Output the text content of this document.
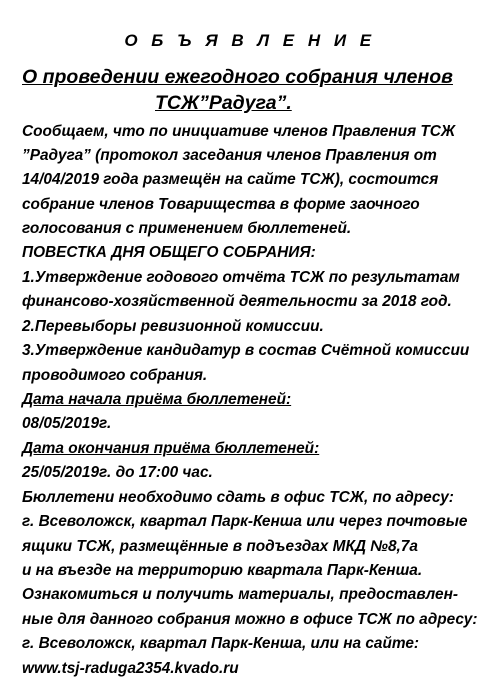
О Б Ъ Я В Л Е Н И Е
О проведении ежегодного собрания членов
ТСЖ”Радуга”.
Сообщаем, что по инициативе членов Правления ТСЖ
”Радуга” (протокол заседания членов Правления от
14/04/2019 года размещён на сайте ТСЖ), состоится
собрание членов Товарищества в форме заочного
голосования с применением бюллетеней.
ПОВЕСТКА ДНЯ ОБЩЕГО СОБРАНИЯ:
1.Утверждение годового отчёта ТСЖ по результатам
финансово-хозяйственной деятельности за 2018 год.
2.Перевыборы ревизионной комиссии.
3.Утверждение кандидатур в состав Счётной комиссии
проводимого собрания.
Дата начала приёма бюллетеней:
08/05/2019г.
Дата окончания приёма бюллетеней:
25/05/2019г. до 17:00 час.
Бюллетени необходимо сдать в офис ТСЖ, по адресу:
г. Всеволожск, квартал Парк-Кенша или через почтовые
ящики ТСЖ, размещённые в подъездах МКД №8,7а
и на въезде на территорию квартала Парк-Кенша.
Ознакомиться и получить материалы, предоставлен-
ные для данного собрания можно в офисе ТСЖ по адресу:
г. Всеволожск, квартал Парк-Кенша, или на сайте:
www.tsj-raduga2354.kvado.ru
